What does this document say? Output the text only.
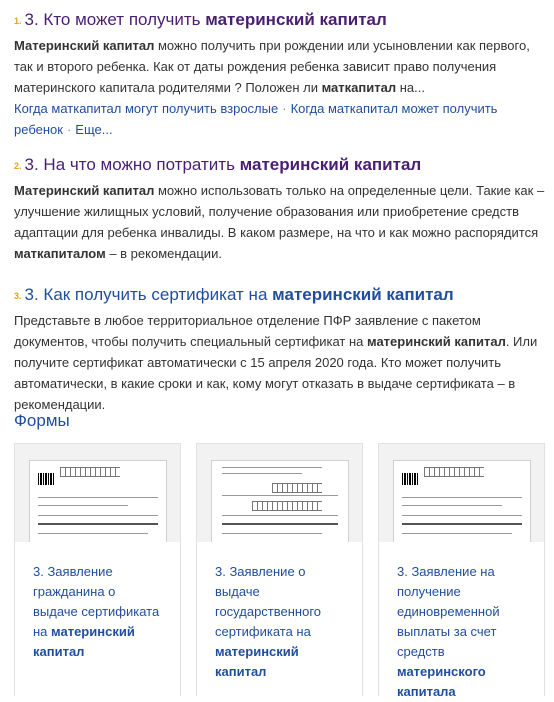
1. 3. Кто может получить материнский капитал
Материнский капитал можно получить при рождении или усыновлении как первого, так и второго ребенка. Как от даты рождения ребенка зависит право получения материнского капитала родителями ? Положен ли маткапитал на...
Когда маткапитал могут получить взрослые · Когда маткапитал может получить ребенок · Еще...
2. 3. На что можно потратить материнский капитал
Материнский капитал можно использовать только на определенные цели. Такие как – улучшение жилищных условий, получение образования или приобретение средств адаптации для ребенка инвалиды. В каком размере, на что и как можно распорядится маткапиталом – в рекомендации.
3. 3. Как получить сертификат на материнский капитал
Представьте в любое территориальное отделение ПФР заявление с пакетом документов, чтобы получить специальный сертификат на материнский капитал. Или получите сертификат автоматически с 15 апреля 2020 года. Кто может получить автоматически, в какие сроки и как, кому могут отказать в выдаче сертификата – в рекомендации.
Формы
3. Заявление гражданина о выдаче сертификата на материнский капитал
3. Заявление о выдаче государственного сертификата на материнский капитал
3. Заявление на получение единовременной выплаты за счет средств материнского капитала
